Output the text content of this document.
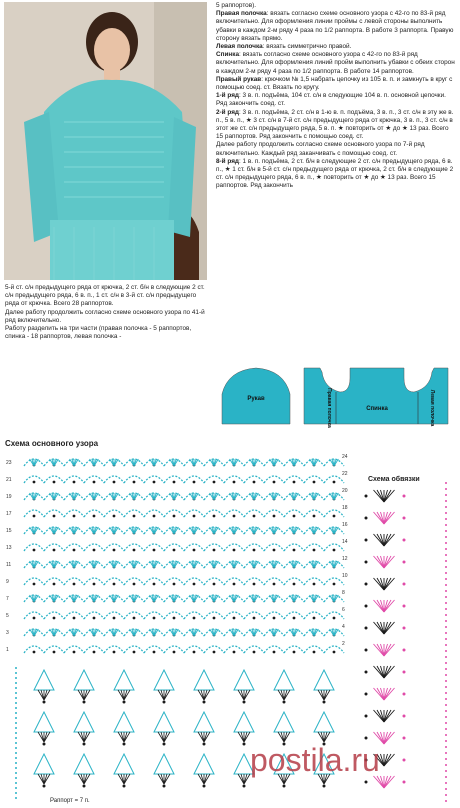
5 раппортов).

Правая полочка: вязать согласно схеме основного узора с 42-го по 83-й ряд включительно. Для оформления линии проймы с левой стороны выполнить убавки в каждом 2-м ряду 4 раза по 1/2 раппорта. В работе 3 раппорта. Правую сторону вязать прямо.

Левая полочка: вязать симметрично правой.

Спинка: вязать согласно схеме основного узора с 42-го по 83-й ряд включительно. Для оформления линий пройм выполнить убавки с обеих сторон в каждом 2-м ряду 4 раза по 1/2 раппорта. В работе 14 раппортов.

Правый рукав: крючком № 1,5 набрать цепочку из 105 в. п. и замкнуть в круг с помощью соед. ст. Вязать по кругу.

1-й ряд: 3 в. п. подъёма, 104 ст. с/н в следующие 104 в. п. основной цепочки. Ряд закончить соед. ст.

2-й ряд: 3 в. п. подъёма, 2 ст. с/н в 1-ю в. п. подъёма, 3 в. п., 3 ст. с/н в эту же в. п., 5 в. п., ★ 3 ст. с/н в 7-й ст. с/н предыдущего ряда от крючка, 3 в. п., 3 ст. с/н в этот же ст. с/н предыдущего ряда, 5 в. п. ★ повторить от ★ до ★ 13 раз. Всего 15 раппортов. Ряд закончить с помощью соед. ст.

Далее работу продолжить согласно схеме основного узора по 7-й ряд включительно. Каждый ряд заканчивать с помощью соед. ст.

8-й ряд: 1 в. п. подъёма, 2 ст. б/н в следующие 2 ст. с/н предыдущего ряда, 6 в. п., ★ 1 ст. б/н в 5-й ст. с/н предыдущего ряда от крючка, 2 ст. б/н в следующие 2 ст. с/н предыдущего ряда, 6 в. п., ★ повторить от ★ до ★ 13 раз. Всего 15 раппортов. Ряд закончить

5-й ст. с/н предыдущего ряда от крючка, 2 ст. б/н в следующие 2 ст. с/н предыдущего ряда, 6 в. п., 1 ст. с/н в 3-й ст. с/н предыдущего ряда от крючка. Всего 28 раппортов.

Далее работу продолжить согласно схеме основного узора по 41-й ряд включительно.

Работу разделить на три части (правая полочка - 5 раппортов, спинка - 18 раппортов, левая полочка -

Рукав
Спинка
Правая полочка	Левая полочка
Схема основного узора
23
21
19
17
15
13
11
9
7
5
3
1
24
22
20
18
16
14
12
10
8
6
4
2
Схема обвязки
Раппорт = 7 п.
postila.ru
